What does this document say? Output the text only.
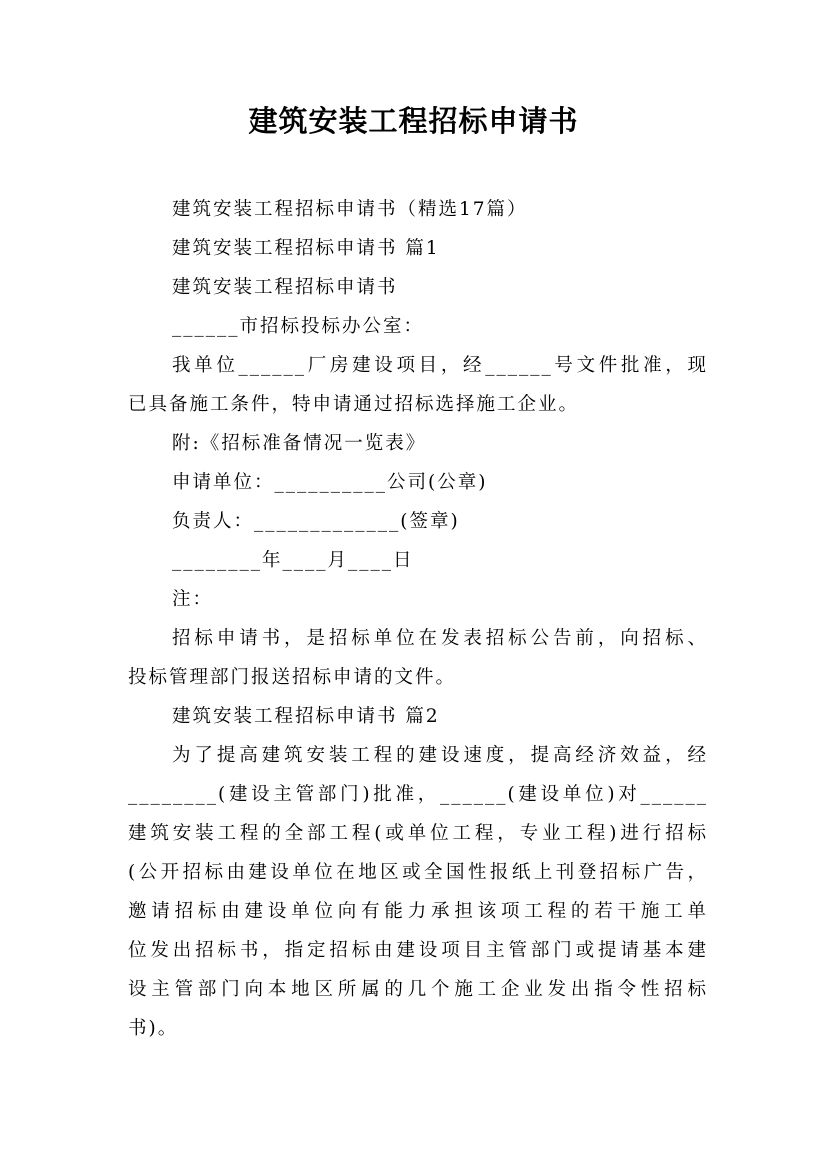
建筑安装工程招标申请书
建筑安装工程招标申请书（精选17篇）
建筑安装工程招标申请书 篇1
建筑安装工程招标申请书
______市招标投标办公室：
我单位______厂房建设项目，经______号文件批准，现
已具备施工条件，特申请通过招标选择施工企业。
附:《招标准备情况一览表》
申请单位：__________公司(公章)
负责人：_____________(签章)
________年____月____日
注：
招标申请书，是招标单位在发表招标公告前，向招标、
投标管理部门报送招标申请的文件。
建筑安装工程招标申请书 篇2
为了提高建筑安装工程的建设速度，提高经济效益，经
________(建设主管部门)批准，______(建设单位)对______
建筑安装工程的全部工程(或单位工程，专业工程)进行招标
(公开招标由建设单位在地区或全国性报纸上刊登招标广告，
邀请招标由建设单位向有能力承担该项工程的若干施工单
位发出招标书，指定招标由建设项目主管部门或提请基本建
设主管部门向本地区所属的几个施工企业发出指令性招标
书)。
